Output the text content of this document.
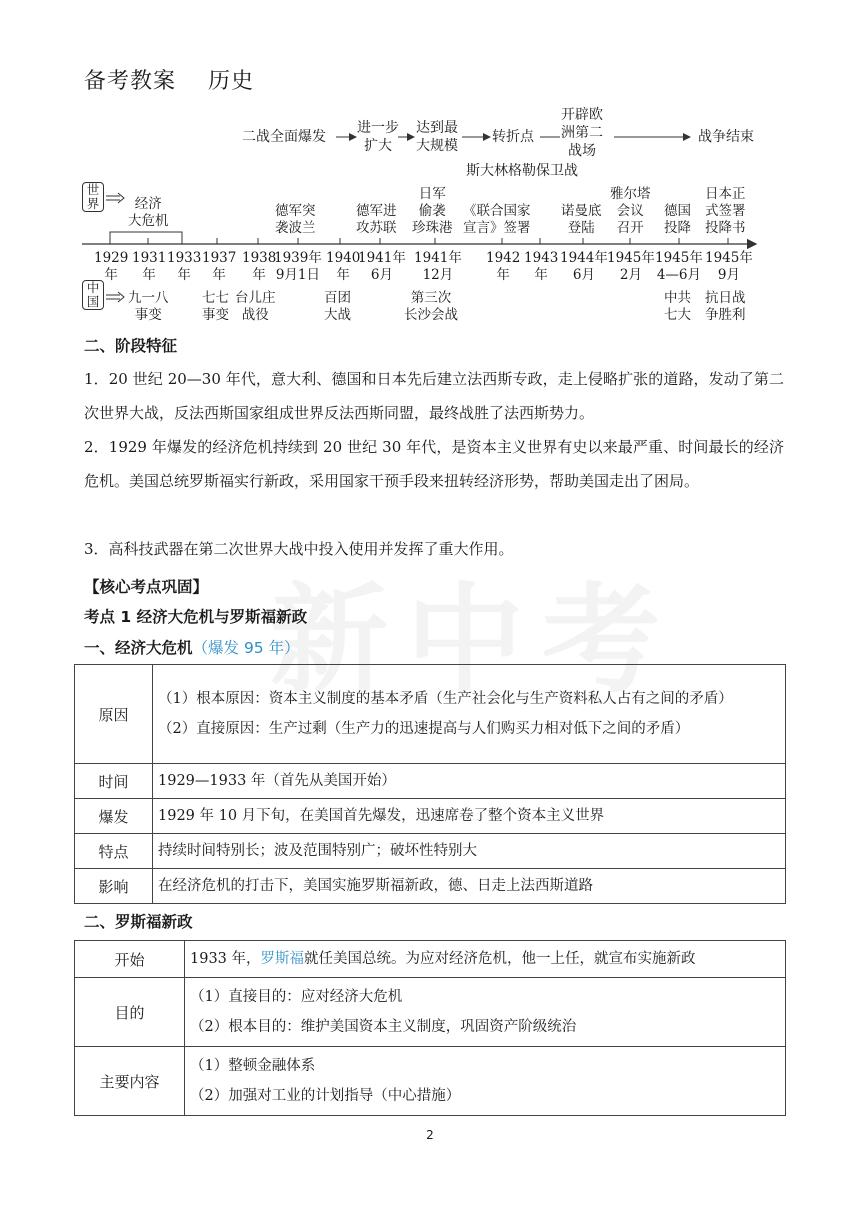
备考教案    历史
二战全面爆发
进一步
扩大
达到最
大规模
转折点
开辟欧
洲第二
战场
战争结束
斯大林格勒保卫战
世
界
中
国
经济
大危机
德军突
袭波兰
德军进
攻苏联
日军
偷袭
珍珠港
《联合国家
宣言》签署
诺曼底
登陆
雅尔塔
会议
召开
德国
投降
日本正
式签署
投降书
1929
年
1931
年
1933
年
1937
年
1938
年
1939年
9月1日
1940
年
1941年
6月
1941年
12月
1942
年
1943
年
1944年
6月
1945年
2月
1945年
4—6月
1945年
9月
九一八
事变
七七
事变
台儿庄
战役
百团
大战
第三次
长沙会战
中共
七大
抗日战
争胜利
二、阶段特征
1．20 世纪 20—30 年代，意大利、德国和日本先后建立法西斯专政，走上侵略扩张的道路，发动了第二次世界大战，反法西斯国家组成世界反法西斯同盟，最终战胜了法西斯势力。
2．1929 年爆发的经济危机持续到 20 世纪 30 年代，是资本主义世界有史以来最严重、时间最长的经济危机。美国总统罗斯福实行新政，采用国家干预手段来扭转经济形势，帮助美国走出了困局。
3．高科技武器在第二次世界大战中投入使用并发挥了重大作用。
【核心考点巩固】
考点 1 经济大危机与罗斯福新政
一、经济大危机（爆发 95 年）
原因	（1）根本原因：资本主义制度的基本矛盾（生产社会化与生产资料私人占有之间的矛盾）
（2）直接原因：生产过剩（生产力的迅速提高与人们购买力相对低下之间的矛盾）

时间	1929—1933 年（首先从美国开始）
爆发	1929 年 10 月下旬，在美国首先爆发，迅速席卷了整个资本主义世界
特点	持续时间特别长；波及范围特别广；破坏性特别大
影响	在经济危机的打击下，美国实施罗斯福新政，德、日走上法西斯道路
二、罗斯福新政
开始	1933 年，罗斯福就任美国总统。为应对经济危机，他一上任，就宣布实施新政
目的	（1）直接目的：应对经济大危机
（2）根本目的：维护美国资本主义制度，巩固资产阶级统治

主要内容	（1）整顿金融体系
（2）加强对工业的计划指导（中心措施）
2
